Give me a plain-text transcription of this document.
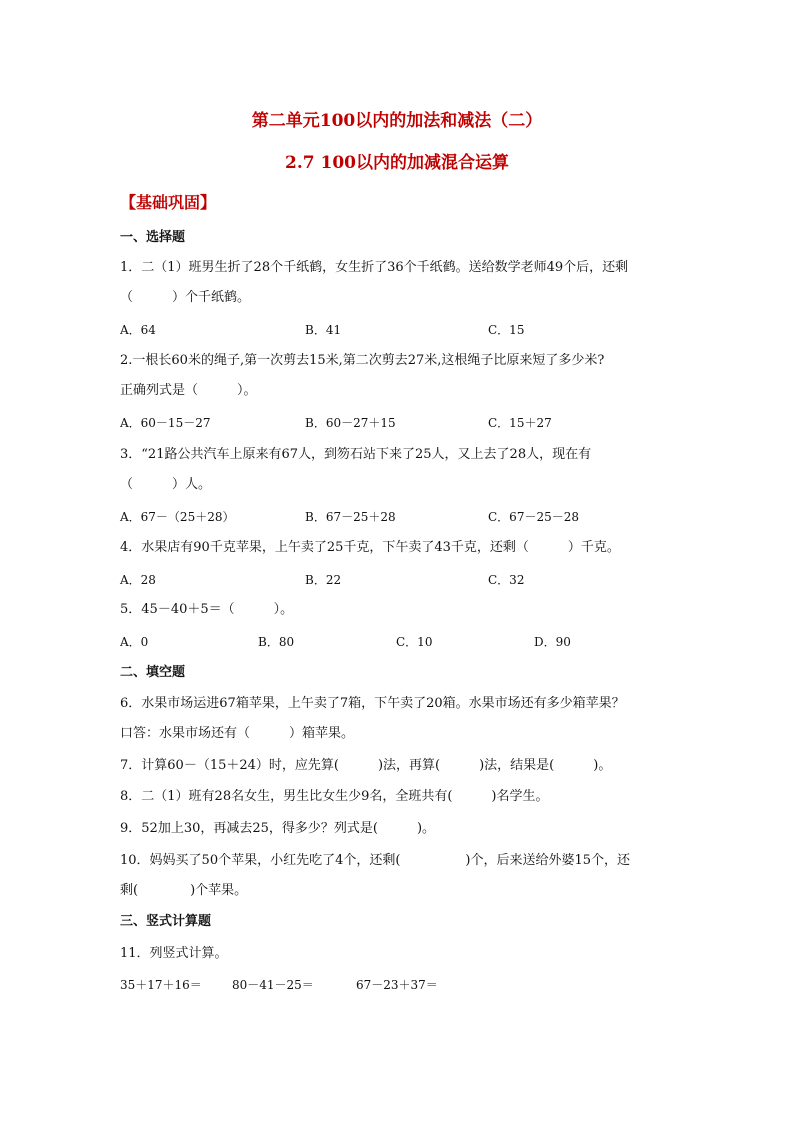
第二单元100以内的加法和减法（二）
2.7 100以内的加减混合运算
【基础巩固】
一、选择题
1．二（1）班男生折了28个千纸鹤，女生折了36个千纸鹤。送给数学老师49个后，还剩
（　　　）个千纸鹤。
A．64	B．41	C．15
2.一根长60米的绳子,第一次剪去15米,第二次剪去27米,这根绳子比原来短了多少米?
正确列式是（　　　）。
A．60－15－27	B．60－27＋15	C．15＋27
3．“21路公共汽车上原来有67人，到笏石站下来了25人，又上去了28人，现在有
（　　　）人。
A．67－（25＋28）	B．67－25＋28	C．67－25－28
4．水果店有90千克苹果，上午卖了25千克，下午卖了43千克，还剩（　　　）千克。
A．28	B．22	C．32
5．45－40＋5＝（　　　）。
A．0	B．80	C．10	D．90
二、填空题
6．水果市场运进67箱苹果，上午卖了7箱，下午卖了20箱。水果市场还有多少箱苹果？
口答：水果市场还有（　　　）箱苹果。
7．计算60－（15＋24）时，应先算(　　　)法，再算(　　　)法，结果是(　　　)。
8．二（1）班有28名女生，男生比女生少9名，全班共有(　　　)名学生。
9．52加上30，再减去25，得多少？列式是(　　　)。
10．妈妈买了50个苹果，小红先吃了4个，还剩(　　　　　)个，后来送给外婆15个，还
剩(　　　　)个苹果。
三、竖式计算题
11．列竖式计算。
35＋17＋16＝	80－41－25＝	67－23＋37＝
